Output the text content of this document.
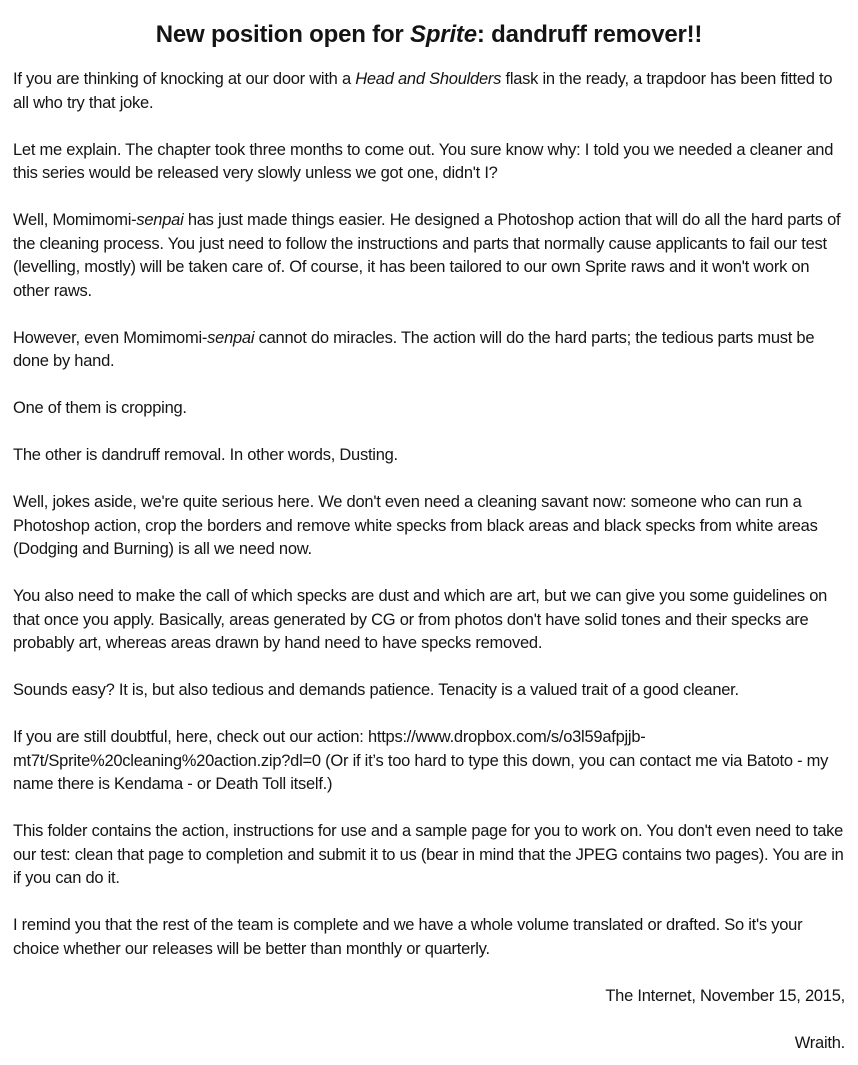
New position open for Sprite: dandruff remover!!

If you are thinking of knocking at our door with a Head and Shoulders flask in the ready, a trapdoor has been fitted to all who try that joke.

Let me explain. The chapter took three months to come out. You sure know why: I told you we needed a cleaner and this series would be released very slowly unless we got one, didn't I?

Well, Momimomi-senpai has just made things easier. He designed a Photoshop action that will do all the hard parts of the cleaning process. You just need to follow the instructions and parts that normally cause applicants to fail our test (levelling, mostly) will be taken care of. Of course, it has been tailored to our own Sprite raws and it won't work on other raws.

However, even Momimomi-senpai cannot do miracles. The action will do the hard parts; the tedious parts must be done by hand.

One of them is cropping.

The other is dandruff removal. In other words, Dusting.

Well, jokes aside, we're quite serious here. We don't even need a cleaning savant now: someone who can run a Photoshop action, crop the borders and remove white specks from black areas and black specks from white areas (Dodging and Burning) is all we need now.

You also need to make the call of which specks are dust and which are art, but we can give you some guidelines on that once you apply. Basically, areas generated by CG or from photos don't have solid tones and their specks are probably art, whereas areas drawn by hand need to have specks removed.

Sounds easy? It is, but also tedious and demands patience. Tenacity is a valued trait of a good cleaner.

If you are still doubtful, here, check out our action: https://www.dropbox.com/s/o3l59afpjjb-mt7t/Sprite%20cleaning%20action.zip?dl=0 (Or if it’s too hard to type this down, you can contact me via Batoto - my name there is Kendama - or Death Toll itself.)

This folder contains the action, instructions for use and a sample page for you to work on. You don't even need to take our test: clean that page to completion and submit it to us (bear in mind that the JPEG contains two pages). You are in if you can do it.

I remind you that the rest of the team is complete and we have a whole volume translated or drafted. So it's your choice whether our releases will be better than monthly or quarterly.

The Internet, November 15, 2015,

Wraith.
